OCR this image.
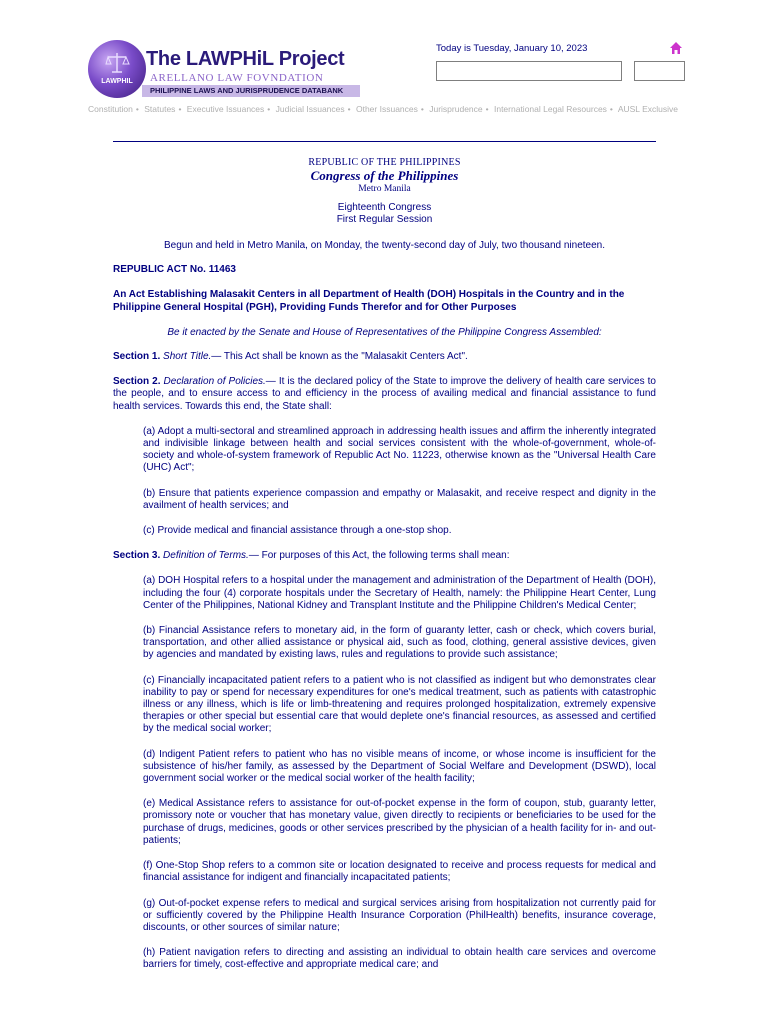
LAWPHIL
The LAWPHiL Project
ARELLANO LAW FOVNDATION
PHILIPPINE LAWS AND JURISPRUDENCE DATABANK
Today is Tuesday, January 10, 2023
Constitution • Statutes • Executive Issuances • Judicial Issuances • Other Issuances • Jurisprudence • International Legal Resources • AUSL Exclusive
REPUBLIC OF THE PHILIPPINES
Congress of the Philippines
Metro Manila
Eighteenth Congress
First Regular Session
Begun and held in Metro Manila, on Monday, the twenty-second day of July, two thousand nineteen.
REPUBLIC ACT No. 11463
An Act Establishing Malasakit Centers in all Department of Health (DOH) Hospitals in the Country and in the Philippine General Hospital (PGH), Providing Funds Therefor and for Other Purposes
Be it enacted by the Senate and House of Representatives of the Philippine Congress Assembled:

Section 1. Short Title.— This Act shall be known as the "Malasakit Centers Act".

Section 2. Declaration of Policies.— It is the declared policy of the State to improve the delivery of health care services to the people, and to ensure access to and efficiency in the process of availing medical and financial assistance to fund health services. Towards this end, the State shall:

(a) Adopt a multi-sectoral and streamlined approach in addressing health issues and affirm the inherently integrated and indivisible linkage between health and social services consistent with the whole-of-government, whole-of-society and whole-of-system framework of Republic Act No. 11223, otherwise known as the "Universal Health Care (UHC) Act";

(b) Ensure that patients experience compassion and empathy or Malasakit, and receive respect and dignity in the availment of health services; and

(c) Provide medical and financial assistance through a one-stop shop.

Section 3. Definition of Terms.— For purposes of this Act, the following terms shall mean:

(a) DOH Hospital refers to a hospital under the management and administration of the Department of Health (DOH), including the four (4) corporate hospitals under the Secretary of Health, namely: the Philippine Heart Center, Lung Center of the Philippines, National Kidney and Transplant Institute and the Philippine Children's Medical Center;

(b) Financial Assistance refers to monetary aid, in the form of guaranty letter, cash or check, which covers burial, transportation, and other allied assistance or physical aid, such as food, clothing, general assistive devices, given by agencies and mandated by existing laws, rules and regulations to provide such assistance;

(c) Financially incapacitated patient refers to a patient who is not classified as indigent but who demonstrates clear inability to pay or spend for necessary expenditures for one's medical treatment, such as patients with catastrophic illness or any illness, which is life or limb-threatening and requires prolonged hospitalization, extremely expensive therapies or other special but essential care that would deplete one's financial resources, as assessed and certified by the medical social worker;

(d) Indigent Patient refers to patient who has no visible means of income, or whose income is insufficient for the subsistence of his/her family, as assessed by the Department of Social Welfare and Development (DSWD), local government social worker or the medical social worker of the health facility;

(e) Medical Assistance refers to assistance for out-of-pocket expense in the form of coupon, stub, guaranty letter, promissory note or voucher that has monetary value, given directly to recipients or beneficiaries to be used for the purchase of drugs, medicines, goods or other services prescribed by the physician of a health facility for in- and out-patients;

(f) One-Stop Shop refers to a common site or location designated to receive and process requests for medical and financial assistance for indigent and financially incapacitated patients;

(g) Out-of-pocket expense refers to medical and surgical services arising from hospitalization not currently paid for or sufficiently covered by the Philippine Health Insurance Corporation (PhilHealth) benefits, insurance coverage, discounts, or other sources of similar nature;

(h) Patient navigation refers to directing and assisting an individual to obtain health care services and overcome barriers for timely, cost-effective and appropriate medical care; and
